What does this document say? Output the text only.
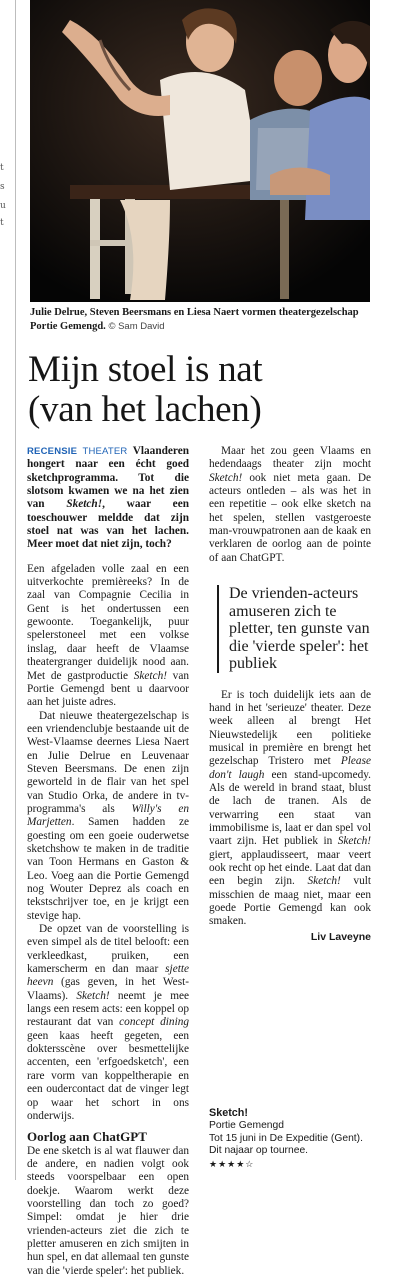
t
s
u
t
Julie Delrue, Steven Beersmans en Liesa Naert vormen theatergezelschap Portie Gemengd. © Sam David
Mijn stoel is nat
(van het lachen)

RECENSIE THEATER Vlaanderen hongert naar een écht goed sketchprogramma. Tot die slotsom kwamen we na het zien van Sketch!, waar een toeschouwer meldde dat zijn stoel nat was van het lachen. Meer moet dat niet zijn, toch?

Een afgeladen volle zaal en een uitverkochte premièreeks? In de zaal van Compagnie Cecilia in Gent is het ondertussen een gewoonte. Toegankelijk, puur spelerstoneel met een volkse inslag, daar heeft de Vlaamse theatergranger duidelijk nood aan. Met de gastproductie Sketch! van Portie Gemengd bent u daarvoor aan het juiste adres.

Dat nieuwe theatergezelschap is een vriendenclubje bestaande uit de West-Vlaamse deernes Liesa Naert en Julie Delrue en Leuvenaar Steven Beersmans. De enen zijn geworteld in de flair van het spel van Studio Orka, de andere in tv-programma's als Willy's en Marjetten. Samen hadden ze goesting om een goeie ouderwetse sketchshow te maken in de traditie van Toon Hermans en Gaston & Leo. Voeg aan die Portie Gemengd nog Wouter Deprez als coach en tekstschrijver toe, en je krijgt een stevige hap.

De opzet van de voorstelling is even simpel als de titel belooft: een verkleedkast, pruiken, een kamerscherm en dan maar sjette heevn (gas geven, in het West-Vlaams). Sketch! neemt je mee langs een resem acts: een koppel op restaurant dat van concept dining geen kaas heeft gegeten, een doktersscène over besmettelijke accenten, een 'erfgoedsketch', een rare vorm van koppeltherapie en een oudercontact dat de vinger legt op waar het schort in ons onderwijs.

Oorlog aan ChatGPT

De ene sketch is al wat flauwer dan de andere, en nadien volgt ook steeds voorspelbaar een open doekje. Waarom werkt deze voorstelling dan toch zo goed? Simpel: omdat je hier drie vrienden-acteurs ziet die zich te pletter amuseren en zich smijten in hun spel, en dat allemaal ten gunste van die 'vierde speler': het publiek.

Maar het zou geen Vlaams en hedendaags theater zijn mocht Sketch! ook niet meta gaan. De acteurs ontleden – als was het in een repetitie – ook elke sketch na het spelen, stellen vastgeroeste man-vrouwpatronen aan de kaak en verklaren de oorlog aan de pointe of aan ChatGPT.

De vrienden-acteurs amuseren zich te pletter, ten gunste van die 'vierde speler': het publiek

Er is toch duidelijk iets aan de hand in het 'serieuze' theater. Deze week alleen al brengt Het Nieuwstedelijk een politieke musical in première en brengt het gezelschap Tristero met Please don't laugh een stand-upcomedy. Als de wereld in brand staat, blust de lach de tranen. Als de verwarring een staat van immobilisme is, laat er dan spel vol vaart zijn. Het publiek in Sketch! giert, applaudisseert, maar veert ook recht op het einde. Laat dat dan een begin zijn. Sketch! vult misschien de maag niet, maar een goede Portie Gemengd kan ook smaken.

Liv Laveyne
Sketch!
Portie Gemengd
Tot 15 juni in De Expeditie (Gent).
Dit najaar op tournee.
★★★★☆
